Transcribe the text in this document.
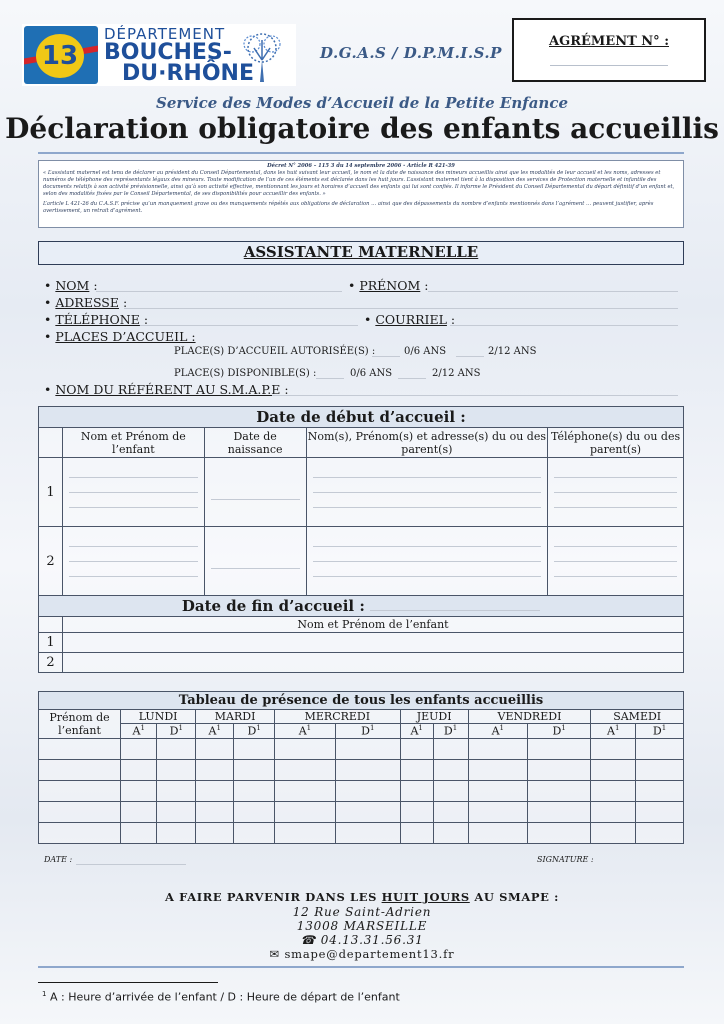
13
DÉPARTEMENT
BOUCHES-
DU·RHÔNE
D.G.A.S / D.P.M.I.S.P
AGRÉMENT N° :
Service des Modes d’Accueil de la Petite Enfance
Déclaration obligatoire des enfants accueillis
Décret N° 2006 – 115 3 du 14 septembre 2006 - Article R 421-39
« L’assistant maternel est tenu de déclarer au président du Conseil Départemental, dans les huit suivant leur accueil, le nom et la date de naissance des mineurs accueillis ainsi que les modalités de leur accueil et les noms, adresses et numéros de téléphone des représentants légaux des mineurs. Toute modification de l’un de ces éléments est déclarée dans les huit jours. L’assistant maternel tient à la disposition des services de Protection maternelle et infantile des documents relatifs à son activité prévisionnelle, ainsi qu’à son activité effective, mentionnant les jours et horaires d’accueil des enfants qui lui sont confiés. Il informe le Président du Conseil Départemental du départ définitif d’un enfant et, selon des modalités fixées par le Conseil Départemental, de ses disponibilités pour accueillir des enfants. »
L’article L 421-26 du C.A.S.F. précise qu’un manquement grave ou des manquements répétés aux obligations de déclaration … ainsi que des dépassements du nombre d’enfants mentionnés dans l’agrément … peuvent justifier, après avertissement, un retrait d’agrément.
ASSISTANTE MATERNELLE
• NOM :	• PRÉNOM :
• ADRESSE :
• TÉLÉPHONE :	• COURRIEL :
• PLACES D’ACCUEIL :
PLACE(S) D’ACCUEIL AUTORISÉE(S) :	0/6 ANS	2/12 ANS
PLACE(S) DISPONIBLE(S) :	0/6 ANS	2/12 ANS
• NOM DU RÉFÉRENT AU S.M.A.P.E :
Date de début d’accueil :				
	Nom et Prénom de l’enfant	Date de naissance	Nom(s), Prénom(s) et adresse(s) du ou des parent(s)	Téléphone(s) du ou des parent(s)
1	

2	

Date de fin d’accueil :				
	Nom et Prénom de l’enfant			
1				
2				
Tableau de présence de tous les enfants accueillis												
Prénom de l’enfant	LUNDI		MARDI		MERCREDI		JEUDI		VENDREDI		SAMEDI	
	$A^1$	$D^1$	$A^1$	$D^1$	$A^1$	$D^1$	$A^1$	$D^1$	$A^1$	$D^1$	$A^1$	$D^1$

DATE :	SIGNATURE :
A FAIRE PARVENIR DANS LES HUIT JOURS AU SMAPE :
12 Rue Saint-Adrien
13008 MARSEILLE
☎ 04.13.31.56.31
✉ smape@departement13.fr
$^1$ A : Heure d’arrivée de l’enfant / D : Heure de départ de l’enfant
